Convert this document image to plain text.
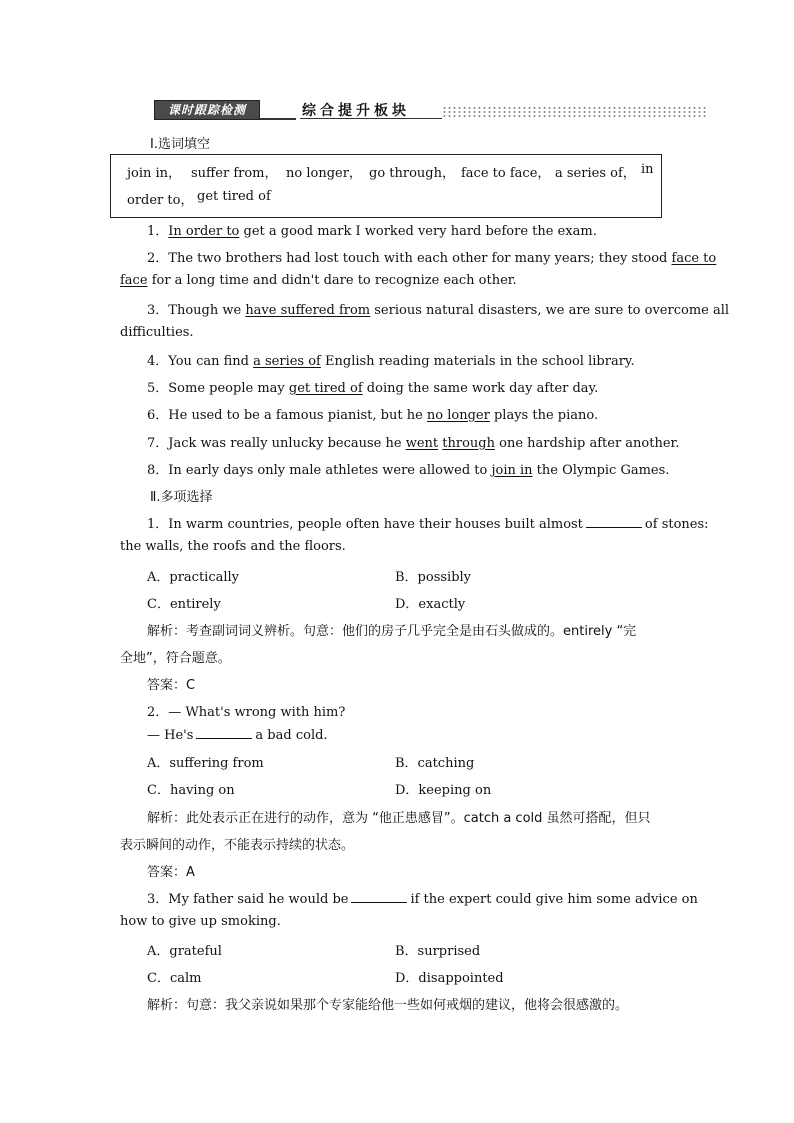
课时跟踪检测	综合提升板块
Ⅰ.选词填空
join in， suffer from， no longer， go through， face to face， a series of， in
order to， get tired of
1．In order to get a good mark I worked very hard before the exam.
2．The two brothers had lost touch with each other for many years; they stood face to
face for a long time and didn't dare to recognize each other.
3．Though we have suffered from serious natural disasters, we are sure to overcome all
difficulties.
4．You can find a series of English reading materials in the school library.
5．Some people may get tired of doing the same work day after day.
6．He used to be a famous pianist, but he no longer plays the piano.
7．Jack was really unlucky because he went through one hardship after another.
8．In early days only male athletes were allowed to join in the Olympic Games.
Ⅱ.多项选择
1．In warm countries, people often have their houses built almost	of stones:
the walls, the roofs and the floors.
A．practically	B．possibly
C．entirely	D．exactly
解析：考查副词词义辨析。句意：他们的房子几乎完全是由石头做成的。entirely “完
全地”，符合题意。
答案：C
2．— What's wrong with him?
— He's	a bad cold.
A．suffering from	B．catching
C．having on	D．keeping on
解析：此处表示正在进行的动作，意为 “他正患感冒”。catch a cold 虽然可搭配，但只
表示瞬间的动作，不能表示持续的状态。
答案：A
3．My father said he would be	if the expert could give him some advice on
how to give up smoking.
A．grateful	B．surprised
C．calm	D．disappointed
解析：句意：我父亲说如果那个专家能给他一些如何戒烟的建议，他将会很感激的。
